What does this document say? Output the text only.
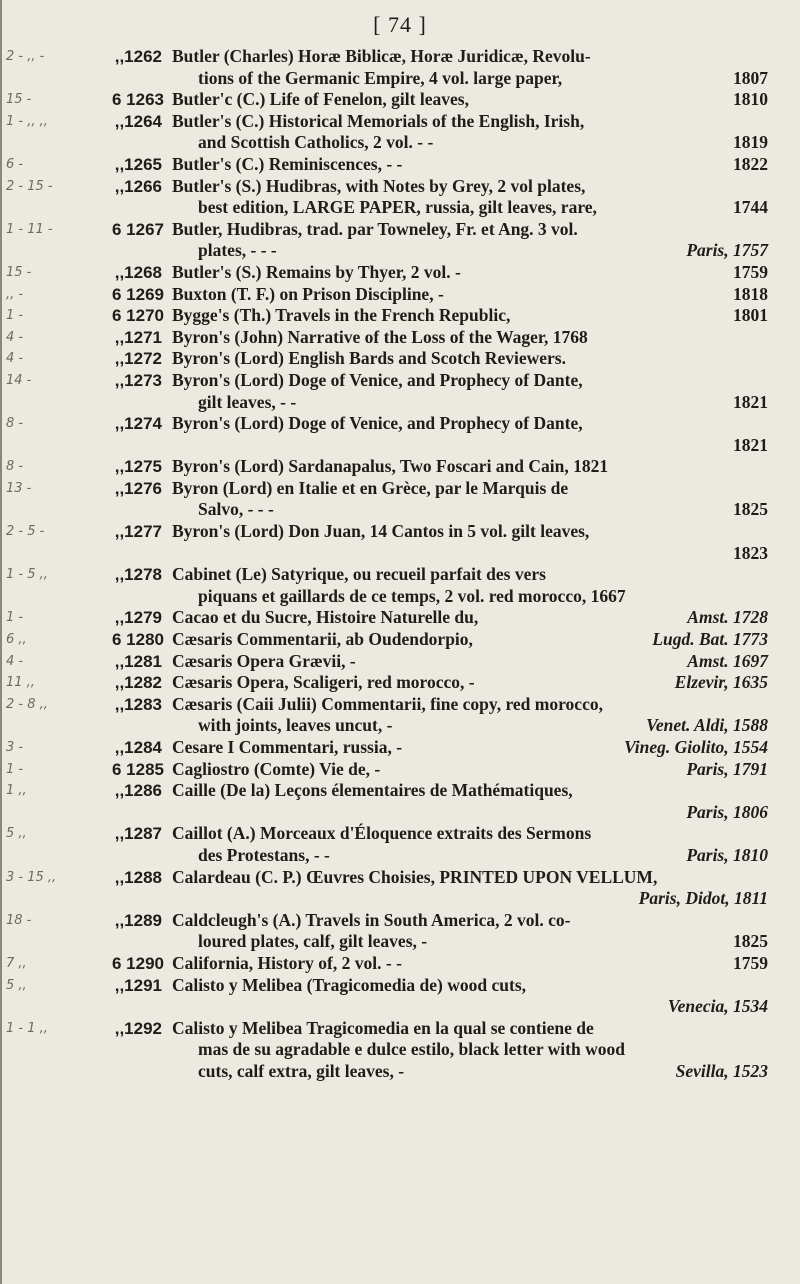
[ 74 ]
2 - ,, -	,,1262 Butler (Charles) Horæ Biblicæ, Horæ Juridicæ, Revolu-
tions of the Germanic Empire, 4 vol. large paper,	1807
15 -	6 1263 Butler'c (C.) Life of Fenelon, gilt leaves,	1810
1 - ,, ,,	,,1264 Butler's (C.) Historical Memorials of the English, Irish,
and Scottish Catholics, 2 vol. - -	1819
6 -	,,1265 Butler's (C.) Reminiscences, - -	1822
2 - 15 -	,,1266 Butler's (S.) Hudibras, with Notes by Grey, 2 vol plates,
best edition, LARGE PAPER, russia, gilt leaves, rare,	1744
1 - 11 -	6 1267 Butler, Hudibras, trad. par Towneley, Fr. et Ang. 3 vol.
plates, - - -	Paris, 1757
15 -	,,1268 Butler's (S.) Remains by Thyer, 2 vol. -	1759
,, -	6 1269 Buxton (T. F.) on Prison Discipline, -	1818
1 -	6 1270 Bygge's (Th.) Travels in the French Republic,	1801
4 -	,,1271 Byron's (John) Narrative of the Loss of the Wager, 1768
4 -	,,1272 Byron's (Lord) English Bards and Scotch Reviewers.
14 -	,,1273 Byron's (Lord) Doge of Venice, and Prophecy of Dante,
gilt leaves, - -	1821
8 -	,,1274 Byron's (Lord) Doge of Venice, and Prophecy of Dante,
1821
8 -	,,1275 Byron's (Lord) Sardanapalus, Two Foscari and Cain, 1821
13 -	,,1276 Byron (Lord) en Italie et en Grèce, par le Marquis de
Salvo, - - -	1825
2 - 5 -	,,1277 Byron's (Lord) Don Juan, 14 Cantos in 5 vol. gilt leaves,
1823
1 - 5 ,,	,,1278 Cabinet (Le) Satyrique, ou recueil parfait des vers
piquans et gaillards de ce temps, 2 vol. red morocco, 1667
1 -	,,1279 Cacao et du Sucre, Histoire Naturelle du,	Amst. 1728
6 ,,	6 1280 Cæsaris Commentarii, ab Oudendorpio,	Lugd. Bat. 1773
4 -	,,1281 Cæsaris Opera Grævii, -	Amst. 1697
11 ,,	,,1282 Cæsaris Opera, Scaligeri, red morocco, -	Elzevir, 1635
2 - 8 ,,	,,1283 Cæsaris (Caii Julii) Commentarii, fine copy, red morocco,
with joints, leaves uncut, -	Venet. Aldi, 1588
3 -	,,1284 Cesare I Commentari, russia, -	Vineg. Giolito, 1554
1 -	6 1285 Cagliostro (Comte) Vie de, -	Paris, 1791
1 ,,	,,1286 Caille (De la) Leçons élementaires de Mathématiques,
Paris, 1806
5 ,,	,,1287 Caillot (A.) Morceaux d'Éloquence extraits des Sermons
des Protestans, - -	Paris, 1810
3 - 15 ,,	,,1288 Calardeau (C. P.) Œuvres Choisies, PRINTED UPON VELLUM,
Paris, Didot, 1811
18 -	,,1289 Caldcleugh's (A.) Travels in South America, 2 vol. co-
loured plates, calf, gilt leaves, -	1825
7 ,,	6 1290 California, History of, 2 vol. - -	1759
5 ,,	,,1291 Calisto y Melibea (Tragicomedia de) wood cuts,
Venecia, 1534
1 - 1 ,,	,,1292 Calisto y Melibea Tragicomedia en la qual se contiene de
mas de su agradable e dulce estilo, black letter with wood
cuts, calf extra, gilt leaves, -	Sevilla, 1523
